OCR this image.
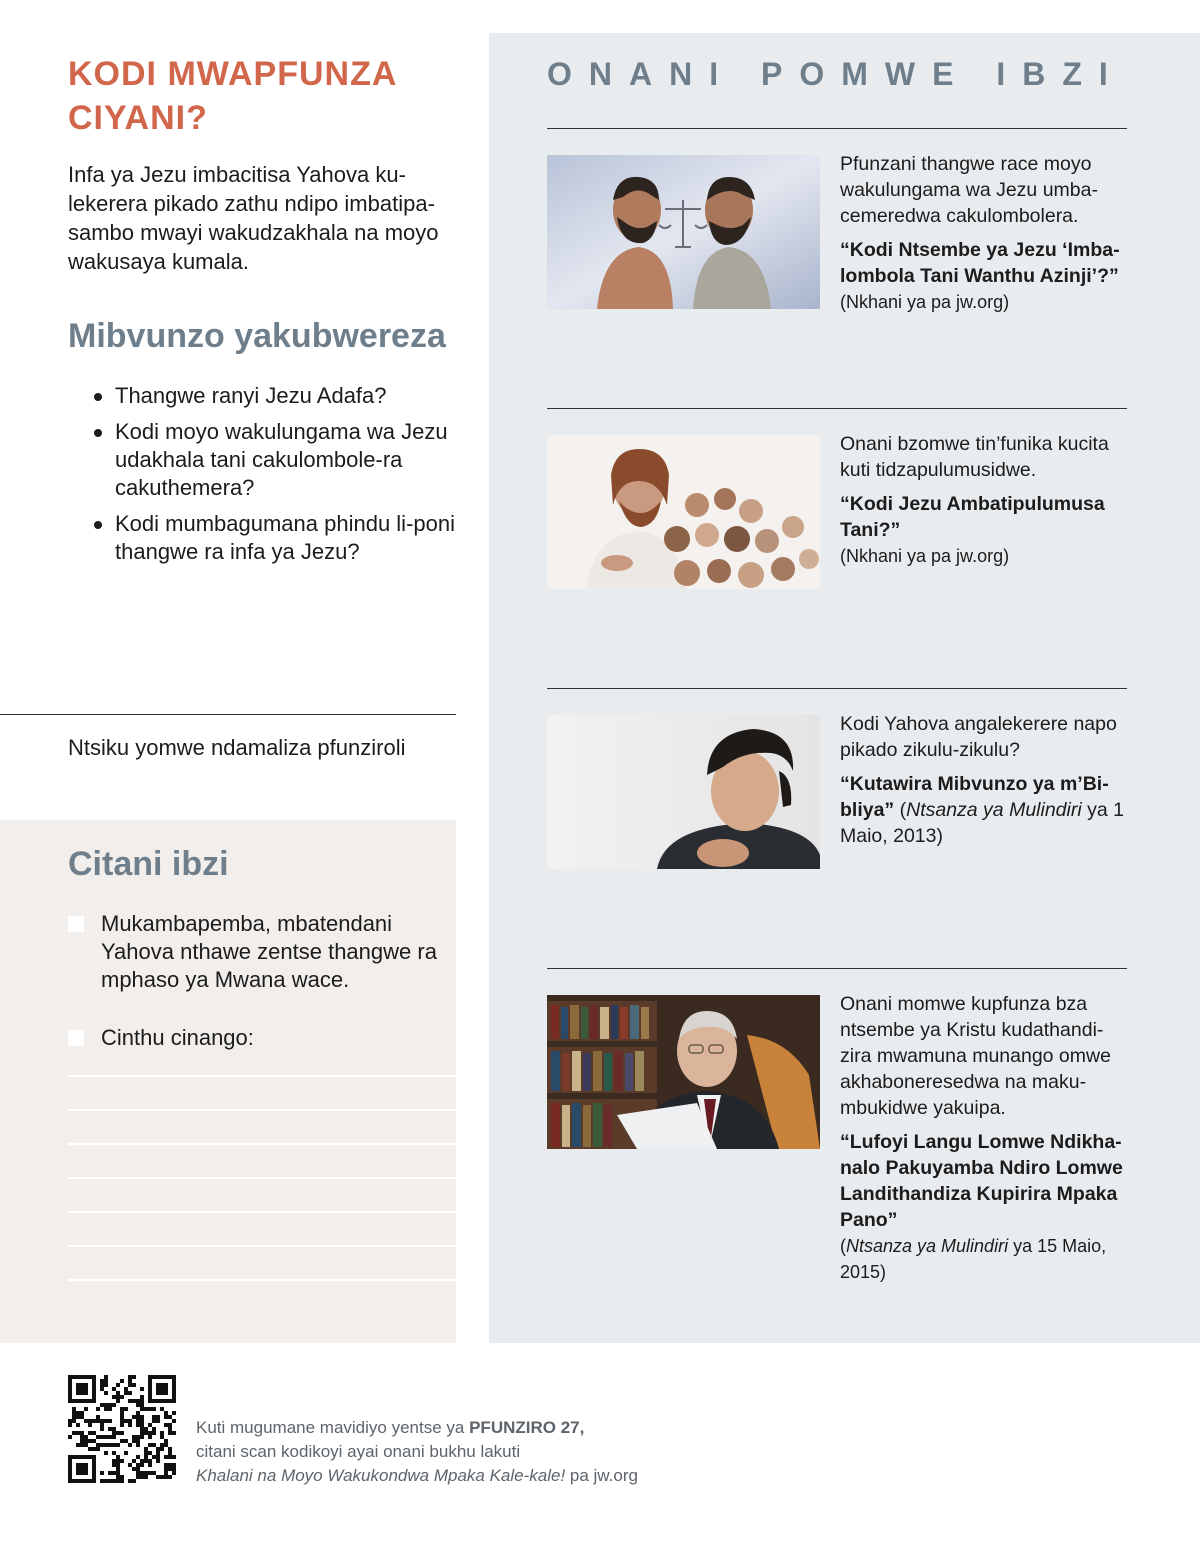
KODI MWAPFUNZA CIYANI?

Infa ya Jezu imbacitisa Yahova ku-lekerera pikado zathu ndipo imbatipa-sambo mwayi wakudzakhala na moyo wakusaya kumala.

Mibvunzo yakubwereza
Thangwe ranyi Jezu Adafa?
Kodi moyo wakulungama wa Jezu udakhala tani cakulombole-ra cakuthemera?
Kodi mumbagumana phindu li-poni thangwe ra infa ya Jezu?
Ntsiku yomwe ndamaliza pfunziroli
Citani ibzi
Mukambapemba, mbatendani Yahova nthawe zentse thangwe ra mphaso ya Mwana wace.
Cinthu cinango:
ONANI POMWE IBZI

Pfunzani thangwe race moyo wakulungama wa Jezu umba-cemeredwa cakulombolera.

“Kodi Ntsembe ya Jezu ‘Imba-lombola Tani Wanthu Azinji’?”

(Nkhani ya pa jw.org)

Onani bzomwe tin’funika kucita kuti tidzapulumusidwe.

“Kodi Jezu Ambatipulumusa Tani?”

(Nkhani ya pa jw.org)

Kodi Yahova angalekerere napo pikado zikulu-zikulu?

“Kutawira Mibvunzo ya m’Bi-bliya” (Ntsanza ya Mulindiri ya 1 Maio, 2013)

Onani momwe kupfunza bza ntsembe ya Kristu kudathandi-zira mwamuna munango omwe akhaboneresedwa na maku-mbukidwe yakuipa.

“Lufoyi Langu Lomwe Ndikha-nalo Pakuyamba Ndiro Lomwe Landithandiza Kupirira Mpaka Pano”

(Ntsanza ya Mulindiri ya 15 Maio, 2015)

Kuti mugumane mavidiyo yentse ya PFUNZIRO 27,
citani scan kodikoyi ayai onani bukhu lakuti
Khalani na Moyo Wakukondwa Mpaka Kale-kale! pa jw.org
